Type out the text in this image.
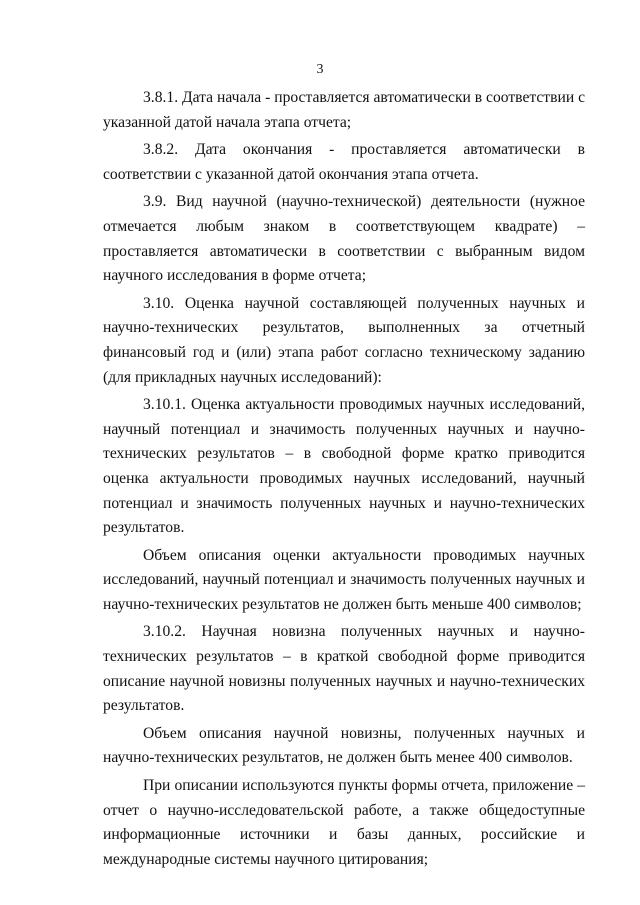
3

3.8.1. Дата начала - проставляется автоматически в соответствии с указанной датой начала этапа отчета;

3.8.2. Дата окончания - проставляется автоматически в соответствии с указанной датой окончания этапа отчета.

3.9. Вид научной (научно-технической) деятельности (нужное отмечается любым знаком в соответствующем квадрате) – проставляется автоматически в соответствии с выбранным видом научного исследования в форме отчета;

3.10. Оценка научной составляющей полученных научных и научно-технических результатов, выполненных за отчетный финансовый год и (или) этапа работ согласно техническому заданию (для прикладных научных исследований):

3.10.1. Оценка актуальности проводимых научных исследований, научный потенциал и значимость полученных научных и научно-технических результатов – в свободной форме кратко приводится оценка актуальности проводимых научных исследований, научный потенциал и значимость полученных научных и научно-технических результатов.

Объем описания оценки актуальности проводимых научных исследований, научный потенциал и значимость полученных научных и научно-технических результатов не должен быть меньше 400 символов;

3.10.2. Научная новизна полученных научных и научно-технических результатов – в краткой свободной форме приводится описание научной новизны полученных научных и научно-технических результатов.

Объем описания научной новизны, полученных научных и научно-технических результатов, не должен быть менее 400 символов.

При описании используются пункты формы отчета, приложение – отчет о научно-исследовательской работе, а также общедоступные информационные источники и базы данных, российские и международные системы научного цитирования;
